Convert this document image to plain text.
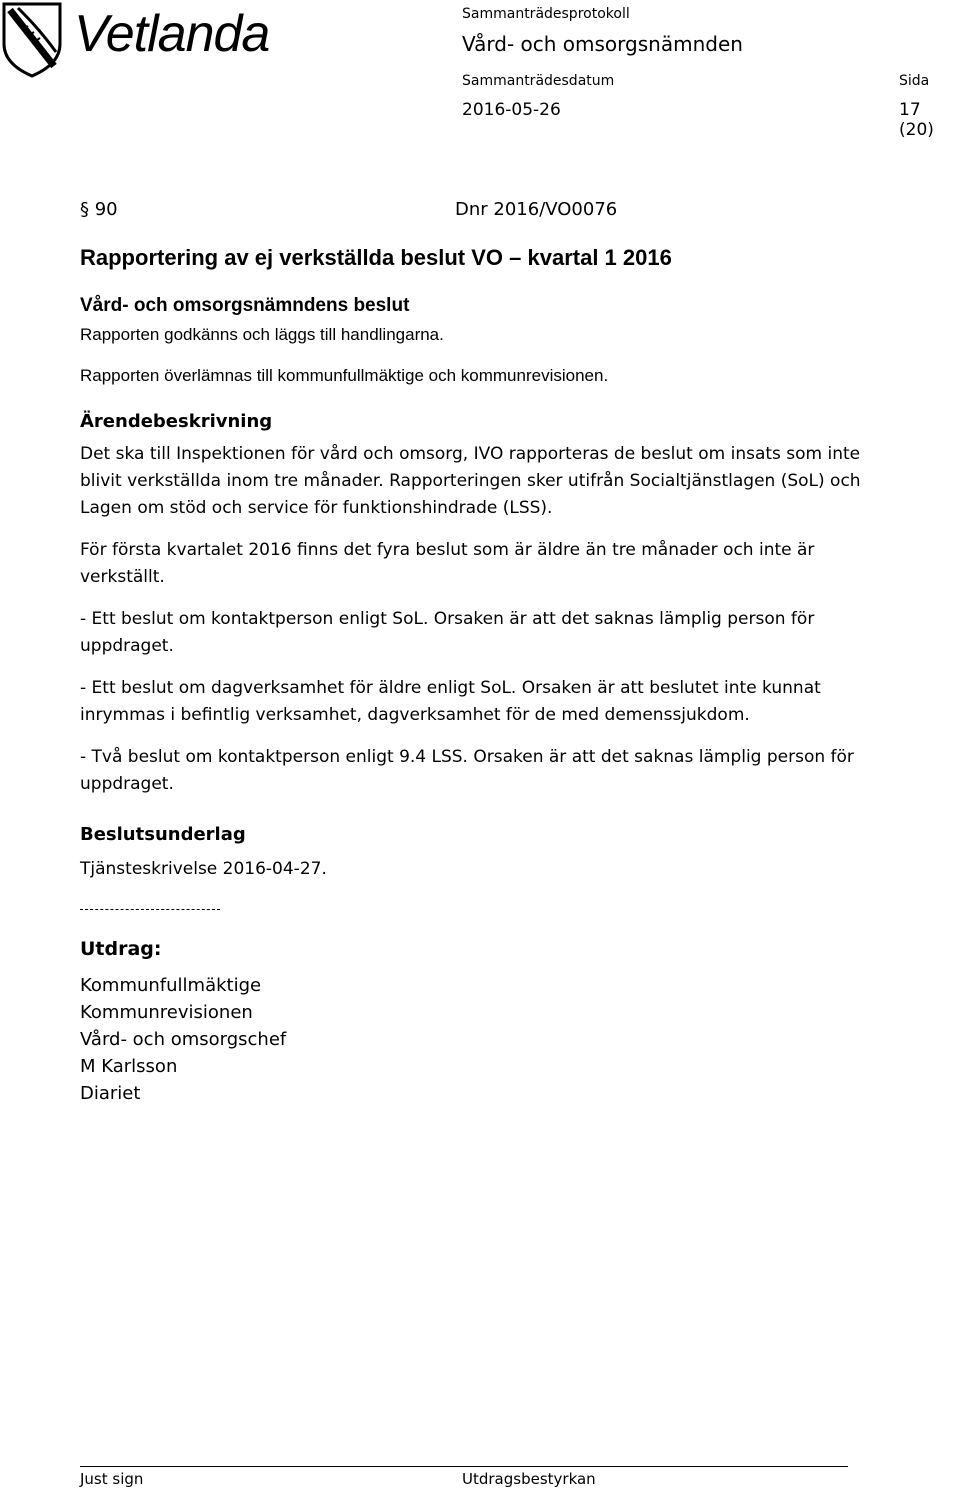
Vetlanda	Sammanträdesprotokoll
Vård- och omsorgsnämnden
Sammanträdesdatum	Sida
2016-05-26	17 (20)
§ 90	Dnr 2016/VO0076
Rapportering av ej verkställda beslut VO – kvartal 1 2016
Vård- och omsorgsnämndens beslut

Rapporten godkänns och läggs till handlingarna.

Rapporten överlämnas till kommunfullmäktige och kommunrevisionen.

Ärendebeskrivning

Det ska till Inspektionen för vård och omsorg, IVO rapporteras de beslut om insats som inte blivit verkställda inom tre månader. Rapporteringen sker utifrån Socialtjänstlagen (SoL) och Lagen om stöd och service för funktionshindrade (LSS).

För första kvartalet 2016 finns det fyra beslut som är äldre än tre månader och inte är verkställt.

- Ett beslut om kontaktperson enligt SoL. Orsaken är att det saknas lämplig person för uppdraget.

- Ett beslut om dagverksamhet för äldre enligt SoL. Orsaken är att beslutet inte kunnat inrymmas i befintlig verksamhet, dagverksamhet för de med demenssjukdom.

- Två beslut om kontaktperson enligt 9.4 LSS. Orsaken är att det saknas lämplig person för uppdraget.

Beslutsunderlag

Tjänsteskrivelse 2016-04-27.

Utdrag:
Kommunfullmäktige
Kommunrevisionen
Vård- och omsorgschef
M Karlsson
Diariet
Just sign	Utdragsbestyrkan
